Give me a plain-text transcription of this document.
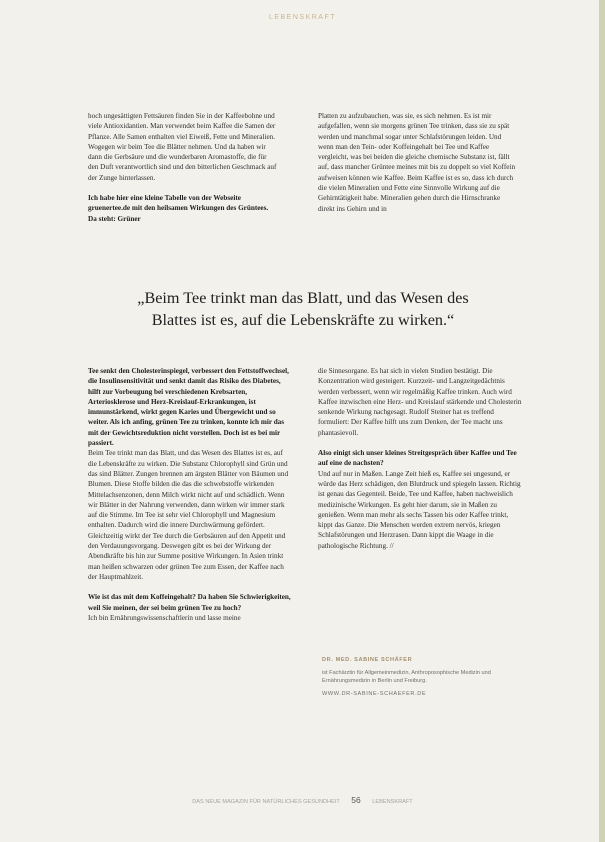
LEBENSKRAFT

hoch ungesättigten Fettsäuren finden Sie in der Kaffeebohne und viele Antioxidantien. Man verwendet beim Kaffee die Samen der Pflanze. Alle Samen enthalten viel Eiweiß, Fette und Mineralien. Wogegen wir beim Tee die Blätter nehmen. Und da haben wir dann die Gerbsäure und die wunderbaren Aromastoffe, die für den Duft verantwortlich sind und den bitterlichen Geschmack auf der Zunge hinterlassen.

Ich habe hier eine kleine Tabelle von der Webseite gruenertee.de mit den heilsamen Wirkungen des Grüntees. Da steht: Grüner

Platten zu aufzubauchen, was sie, es sich nehmen. Es ist mir aufgefallen, wenn sie morgens grünen Tee trinken, dass sie zu spät werden und manchmal sogar unter Schlafstörungen leiden. Und wenn man den Tein- oder Koffeingehalt bei Tee und Kaffee vergleicht, was bei beiden die gleiche chemische Substanz ist, fällt auf, dass mancher Grüntee meines mit bis zu doppelt so viel Koffein aufweisen können wie Kaffee. Beim Kaffee ist es so, dass ich durch die vielen Mineralien und Fette eine Sinnvolle Wirkung auf die Gehirntätigkeit habe. Mineralien gehen durch die Hirnschranke direkt ins Gehirn und in

„Beim Tee trinkt man das Blatt, und das Wesen des
Blattes ist es, auf die Lebenskräfte zu wirken.“

Tee senkt den Cholesterinspiegel, verbessert den Fettstoffwechsel, die Insulinsensitivität und senkt damit das Risiko des Diabetes, hilft zur Vorbeugung bei verschiedenen Krebsarten, Arteriosklerose und Herz-Kreislauf-Erkrankungen, ist immunstärkend, wirkt gegen Karies und Übergewicht und so weiter. Als ich anfing, grünen Tee zu trinken, konnte ich mir das mit der Gewichtsreduktion nicht vorstellen. Doch ist es bei mir passiert.

Beim Tee trinkt man das Blatt, und das Wesen des Blattes ist es, auf die Lebenskräfte zu wirken. Die Substanz Chlorophyll sind Grün und das sind Blätter. Zungen brennen am ärgsten Blätter von Bäumen und Blumen. Diese Stoffe bilden die das die schwebstoffe wirkenden Mittelachsenzonen, denn Milch wirkt nicht auf und schädlich. Wenn wir Blätter in der Nahrung verwenden, dann wirken wir immer stark auf die Stimme. Im Tee ist sehr viel Chlorophyll und Magnesium enthalten. Dadurch wird die innere Durchwärmung gefördert. Gleichzeitig wirkt der Tee durch die Gerbsäuren auf den Appetit und den Verdauungsvorgang. Deswegen gibt es bei der Wirkung der Abendkräfte bis hin zur Summe positive Wirkungen. In Asien trinkt man heißen schwarzen oder grünen Tee zum Essen, der Kaffee nach der Hauptmahlzeit.

Wie ist das mit dem Koffeingehalt? Da haben Sie Schwierigkeiten, weil Sie meinen, der sei beim grünen Tee zu hoch?

Ich bin Ernährungswissenschaftlerin und lasse meine

die Sinnesorgane. Es hat sich in vielen Studien bestätigt. Die Konzentration wird gesteigert. Kurzzeit- und Langzeitgedächtnis werden verbessert, wenn wir regelmäßig Kaffee trinken. Auch wird Kaffee inzwischen eine Herz- und Kreislauf stärkende und Cholesterin senkende Wirkung nachgesagt. Rudolf Steiner hat es treffend formuliert: Der Kaffee hilft uns zum Denken, der Tee macht uns phantasievoll.

Also einigt sich unser kleines Streitgespräch über Kaffee und Tee auf eine de nachsten?

Und auf nur in Maßen. Lange Zeit hieß es, Kaffee sei ungesund, er würde das Herz schädigen, den Blutdruck und spiegeln lassen. Richtig ist genau das Gegenteil. Beide, Tee und Kaffee, haben nachweislich medizinische Wirkungen. Es geht hier darum, sie in Maßen zu genießen. Wenn man mehr als sechs Tassen bis oder Kaffee trinkt, kippt das Ganze. Die Menschen werden extrem nervös, kriegen Schlafstörungen und Herzrasen. Dann kippt die Waage in die pathologische Richtung. //

DR. MED. SABINE SCHÄFER
ist Fachärztin für Allgemeinmedizin, Anthroposophische Medizin und Ernährungsmedizin in Berlin und Freiburg.
WWW.DR-SABINE-SCHAEFER.DE
DAS NEUE MAGAZIN FÜR NATÜRLICHES GESUNDHEIT 56 LEBENSKRAFT
